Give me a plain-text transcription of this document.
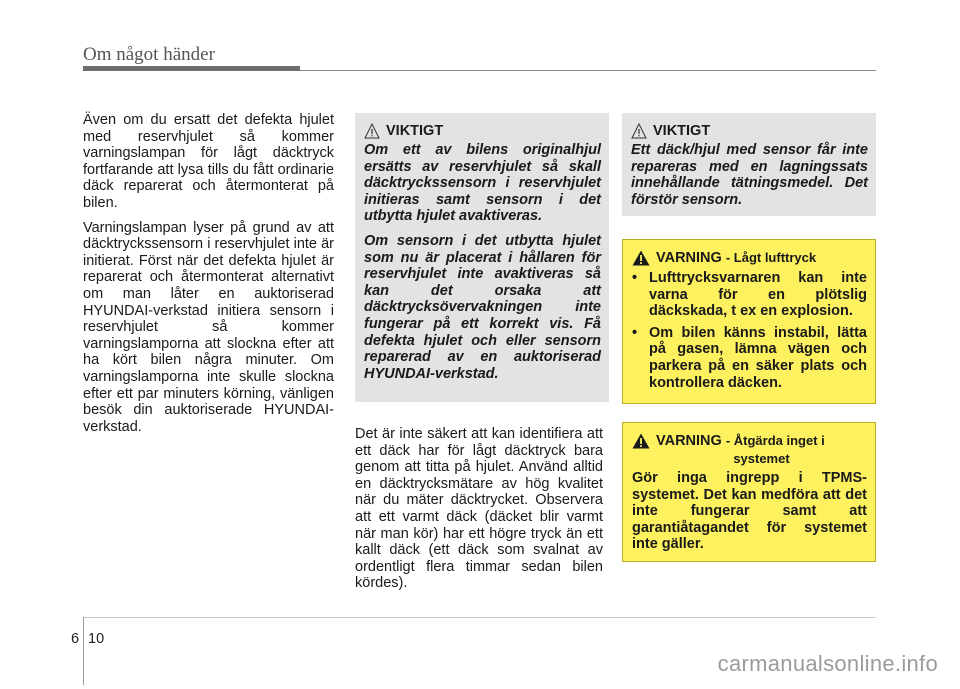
Om något händer

Även om du ersatt det defekta hjulet med reservhjulet så kommer varningslampan för lågt däcktryck fortfarande att lysa tills du fått ordinarie däck reparerat och återmonterat på bilen.

Varningslampan lyser på grund av att däcktryckssensorn i reservhjulet inte är initierat. Först när det defekta hjulet är reparerat och återmonterat alternativt om man låter en auktoriserad HYUNDAI-verkstad initiera sensorn i reservhjulet så kommer varningslamporna att slockna efter att ha kört bilen några minuter. Om varningslamporna inte skulle slockna efter ett par minuters körning, vänligen besök din auktoriserade HYUNDAI-verkstad.

VIKTIGT

Om ett av bilens originalhjul ersätts av reservhjulet så skall däcktryckssensorn i reservhjulet initieras samt sensorn i det utbytta hjulet avaktiveras.

Om sensorn i det utbytta hjulet som nu är placerat i hållaren för reservhjulet inte avaktiveras så kan det orsaka att däcktrycksövervakningen inte fungerar på ett korrekt vis. Få defekta hjulet och eller sensorn reparerad av en auktoriserad HYUNDAI-verkstad.

Det är inte säkert att kan identifiera att ett däck har för lågt däcktryck bara genom att titta på hjulet. Använd alltid en däcktrycksmätare av hög kvalitet när du mäter däcktrycket. Observera att ett varmt däck (däcket blir varmt när man kör) har ett högre tryck än ett kallt däck (ett däck som svalnat av ordentligt flera timmar sedan bilen kördes).

VIKTIGT

Ett däck/hjul med sensor får inte repareras med en lagningssats innehållande tätningsmedel. Det förstör sensorn.

VARNING - Lågt lufttryck
• Lufttrycksvarnaren kan inte varna för en plötslig däckskada, t ex en explosion.
• Om bilen känns instabil, lätta på gasen, lämna vägen och parkera på en säker plats och kontrollera däcken.
VARNING - Åtgärda inget i
systemet

Gör inga ingrepp i TPMS-systemet. Det kan medföra att det inte fungerar samt att garantiåtagandet för systemet inte gäller.

6 10
carmanualsonline.info
